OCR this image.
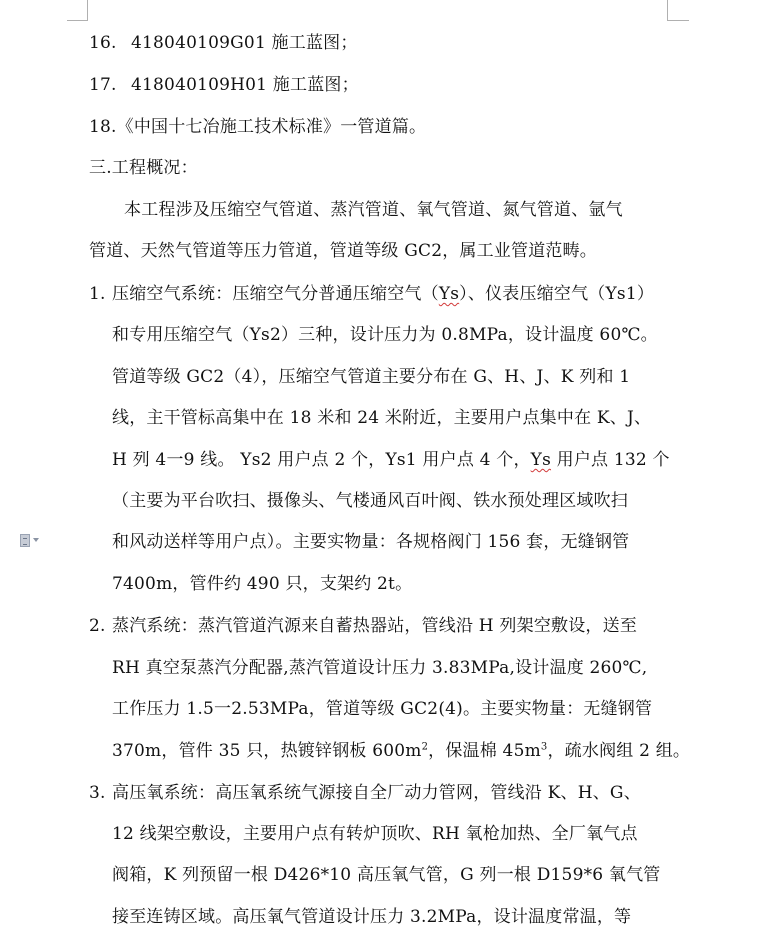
16. 418040109G01 施工蓝图；
17. 418040109H01 施工蓝图；
18.《中国十七冶施工技术标准》一管道篇。
三.工程概况：
本工程涉及压缩空气管道、蒸汽管道、氧气管道、氮气管道、氩气
管道、天然气管道等压力管道，管道等级 GC2，属工业管道范畴。
1. 压缩空气系统：压缩空气分普通压缩空气（Ys）、仪表压缩空气（Ys1）
和专用压缩空气（Ys2）三种，设计压力为 0.8MPa，设计温度 60℃。
管道等级 GC2（4），压缩空气管道主要分布在 G、H、J、K 列和 1
线，主干管标高集中在 18 米和 24 米附近，主要用户点集中在 K、J、
H 列 4一9 线。 Ys2 用户点 2 个，Ys1 用户点 4 个，Ys 用户点 132 个
（主要为平台吹扫、摄像头、气楼通风百叶阀、铁水预处理区域吹扫
和风动送样等用户点）。主要实物量：各规格阀门 156 套，无缝钢管
7400m，管件约 490 只，支架约 2t。
2. 蒸汽系统：蒸汽管道汽源来自蓄热器站，管线沿 H 列架空敷设，送至
RH 真空泵蒸汽分配器,蒸汽管道设计压力 3.83MPa,设计温度 260℃,
工作压力 1.5一2.53MPa，管道等级 GC2(4)。主要实物量：无缝钢管
370m，管件 35 只，热镀锌钢板 $600m^2$，保温棉 $45m^3$，疏水阀组 2 组。
3. 高压氧系统：高压氧系统气源接自全厂动力管网，管线沿 K、H、G、
12 线架空敷设，主要用户点有转炉顶吹、RH 氧枪加热、全厂氧气点
阀箱，K 列预留一根 D426*10 高压氧气管，G 列一根 D159*6 氧气管
接至连铸区域。高压氧气管道设计压力 3.2MPa，设计温度常温，等
